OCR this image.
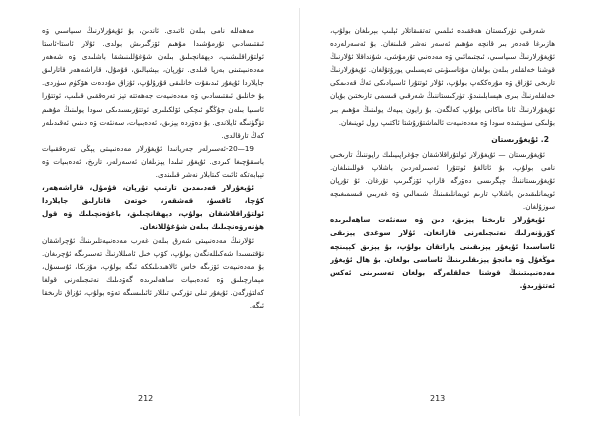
مەھەللە نامى بىلەن ئاتىدى. ئاندىن، بۇ ئۇيغۇرلارنىڭ سىياسىي ۋە ئىقتىسادىي تۇرمۇشىدا مۇھىم ئۆزگىرىش بولدى. ئۇلار ئاستا-ئاستا ئولتۇراقلىشىپ، دېھقانچىلىق بىلەن شۇغۇللىنىشقا باشلىدى ۋە شەھەر مەدەنىيىتىنى بەرپا قىلدى. تۇرپان، بېشبالىق، قۇمۇل، قاراشەھەر قاتارلىق جايلاردا ئۇيغۇر ئىدىقۇت خانلىقى قۇرۇلۇپ، ئۇزاق مۇددەت ھۆكۈم سۈردى. بۇ خانلىق ئىقتىسادىي ۋە مەدەنىيەت جەھەتتە تېز تەرەققىي قىلىپ، ئوتتۇرا ئاسىيا بىلەن جۇڭگو ئىچكى ئۆلكىلىرى ئوتتۇرىسىدىكى سودا يولىنىڭ مۇھىم تۈگۈنىگە ئايلاندى. بۇ دەۋردە يېزىق، ئەدەبىيات، سەنئەت ۋە دىنىي ئەقىدىلەر كەڭ تارقالدى.

19—20-ئەسىرلەر جەريانىدا ئۇيغۇرلار مەدەنىيىتى يېڭى تەرەققىيات باسقۇچىغا كىردى. ئۇيغۇر تىلىدا يېزىلغان ئەسەرلەر، تارىخ، ئەدەبىيات ۋە تېبابەتكە ئائىت كىتابلار نەشر قىلىندى.

ئۇيغۇرلار قەدىمدىن تارتىپ تۇرپان، قۇمۇل، قاراشەھەر، كۇچا، ئاقسۇ، قەشقەر، خوتەن قاتارلىق جايلاردا ئولتۇراقلاشقان بولۇپ، دېھقانچىلىق، باغۋەنچىلىك ۋە قول ھۈنەرۋەنچىلىك بىلەن شۇغۇللانغان.

ئۇلارنىڭ مەدەنىيىتى شەرق بىلەن غەرب مەدەنىيەتلىرىنىڭ ئۇچراشقان نۇقتىسىدا شەكىللەنگەن بولۇپ، كۆپ خىل ئامىللارنىڭ تەسىرىگە ئۇچرىغان. بۇ مەدەنىيەت ئۆزىگە خاس ئالاھىدىلىككە ئىگە بولۇپ، مۇزىكا، ئۇسسۇل، مېمارچىلىق ۋە ئەدەبىيات ساھەلىرىدە گەۋدىلىك نەتىجىلەرنى قولغا كەلتۈرگەن. ئۇيغۇر تىلى تۈركىي تىللار ئائىلىسىگە تەۋە بولۇپ، ئۇزاق تارىخقا ئىگە.

212

شەرقىي تۈركىستان ھەققىدە ئىلمىي تەتقىقاتلار ئېلىپ بېرىلغان بولۇپ، ھازىرغا قەدەر بىر قانچە مۇھىم ئەسەر نەشر قىلىنغان. بۇ ئەسەرلەردە ئۇيغۇرلارنىڭ سىياسىي، ئىجتىمائىي ۋە مەدەنىي تۇرمۇشى، شۇنداقلا ئۇلارنىڭ قوشنا خەلقلەر بىلەن بولغان مۇناسىۋىتى تەپسىلىي يورۇتۇلغان. ئۇيغۇرلارنىڭ تارىخى ئۇزاق ۋە مۇرەككەپ بولۇپ، ئۇلار ئوتتۇرا ئاسىيادىكى ئەڭ قەدىمكى خەلقلەرنىڭ بىرى ھېسابلىنىدۇ. تۈركىستاننىڭ شەرقىي قىسمى تارىختىن بۇيان ئۇيغۇرلارنىڭ ئانا ماكانى بولۇپ كەلگەن. بۇ رايون يىپەك يولىنىڭ مۇھىم بىر بۆلىكى سۈپىتىدە سودا ۋە مەدەنىيەت ئالماشتۇرۇشتا ئاكتىپ رول ئوينىغان.

2. ئۇيغۇرىستان

ئۇيغۇرىستان — ئۇيغۇرلار ئولتۇراقلاشقان جۇغراپىيىلىك رايوننىڭ تارىخىي نامى بولۇپ، بۇ ئاتالغۇ ئوتتۇرا ئەسىرلەردىن باشلاپ قوللىنىلغان. ئۇيغۇرىستاننىڭ چېگرىسى دەۋرگە قاراپ ئۆزگىرىپ تۇرغان. ئۇ تۇرپان ئويمانلىقىدىن باشلاپ تارىم ئويمانلىقىنىڭ شىمالىي ۋە غەربىي قىسمىغىچە سوزۇلغان.

ئۇيغۇرلار تارىختا يېزىق، دىن ۋە سەنئەت ساھەلىرىدە كۆرۈنەرلىك نەتىجىلەرنى قازانغان. ئۇلار سوغدى يېزىقى ئاساسىدا ئۇيغۇر يېزىقىنى ياراتقان بولۇپ، بۇ يېزىق كېيىنچە موڭغۇل ۋە مانجۇ يېزىقلىرىنىڭ ئاساسى بولغان. بۇ ھال ئۇيغۇر مەدەنىيىتىنىڭ قوشنا خەلقلەرگە بولغان تەسىرىنى ئەكس ئەتتۈرىدۇ.

213
